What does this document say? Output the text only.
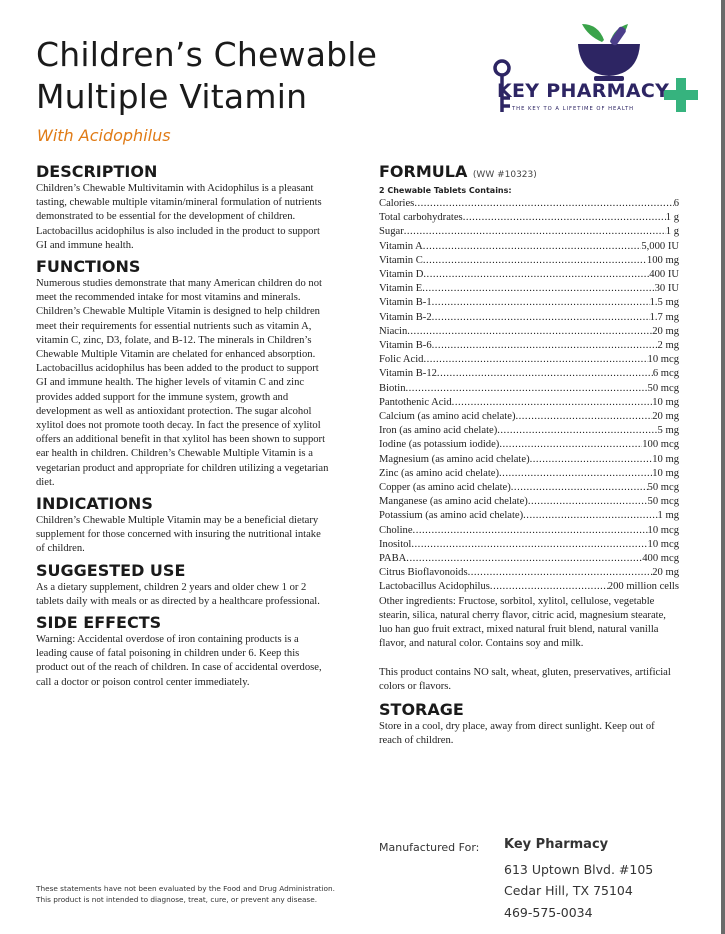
Children’s Chewable
Multiple Vitamin
With Acidophilus
KEY PHARMACY
THE KEY TO A LIFETIME OF HEALTH
DESCRIPTION

Children’s Chewable Multivitamin with Acidophilus is a pleasant tasting, chewable multiple vitamin/mineral formulation of nutrients demonstrated to be essential for the development of children. Lactobacillus acidophilus is also included in the product to support GI and immune health.

FUNCTIONS

Numerous studies demonstrate that many American children do not meet the recommended intake for most vitamins and minerals. Children’s Chewable Multiple Vitamin is designed to help children meet their requirements for essential nutrients such as vitamin A, vitamin C, zinc, D3, folate, and B-12. The minerals in Children’s Chewable Multiple Vitamin are chelated for enhanced absorption. Lactobacillus acidophilus has been added to the product to support GI and immune health. The higher levels of vitamin C and zinc provides added support for the immune system, growth and development as well as antioxidant protection. The sugar alcohol xylitol does not promote tooth decay. In fact the presence of xylitol offers an additional benefit in that xylitol has been shown to support ear health in children. Children’s Chewable Multiple Vitamin is a vegetarian product and appropriate for children utilizing a vegetarian diet.

INDICATIONS

Children’s Chewable Multiple Vitamin may be a beneficial dietary supplement for those concerned with insuring the nutritional intake of children.

SUGGESTED USE

As a dietary supplement, children 2 years and older chew 1 or 2 tablets daily with meals or as directed by a healthcare professional.

SIDE EFFECTS

Warning: Accidental overdose of iron containing products is a leading cause of fatal poisoning in children under 6. Keep this product out of the reach of children. In case of accidental overdose, call a doctor or poison control center immediately.

FORMULA (WW #10323)
2 Chewable Tablets Contains:
Calories .....	6
Total carbohydrates .....	1 g
Sugar .....	1 g
Vitamin A .....	5,000 IU
Vitamin C .....	100 mg
Vitamin D .....	400 IU
Vitamin E .....	30 IU
Vitamin B-1 .....	1.5 mg
Vitamin B-2 .....	1.7 mg
Niacin .....	20 mg
Vitamin B-6 .....	2 mg
Folic Acid .....	10 mcg
Vitamin B-12 .....	6 mcg
Biotin .....	50 mcg
Pantothenic Acid .....	10 mg
Calcium (as amino acid chelate) .....	20 mg
Iron (as amino acid chelate) .....	5 mg
Iodine (as potassium iodide) .....	100 mcg
Magnesium (as amino acid chelate) .....	10 mg
Zinc (as amino acid chelate) .....	10 mg
Copper (as amino acid chelate) .....	50 mcg
Manganese (as amino acid chelate) .....	50 mcg
Potassium (as amino acid chelate) .....	1 mg
Choline .....	10 mcg
Inositol .....	10 mcg
PABA .....	400 mcg
Citrus Bioflavonoids .....	20 mg
Lactobacillus Acidophilus .....	200 million cells

Other ingredients: Fructose, sorbitol, xylitol, cellulose, vegetable stearin, silica, natural cherry flavor, citric acid, magnesium stearate, luo han guo fruit extract, mixed natural fruit blend, natural vanilla flavor, and natural color. Contains soy and milk.

This product contains NO salt, wheat, gluten, preservatives, artificial colors or flavors.

STORAGE

Store in a cool, dry place, away from direct sunlight. Keep out of reach of children.

These statements have not been evaluated by the Food and Drug Administration. This product is not intended to diagnose, treat, cure, or prevent any disease.
Manufactured For: Key Pharmacy
613 Uptown Blvd. #105
Cedar Hill, TX 75104
469-575-0034
